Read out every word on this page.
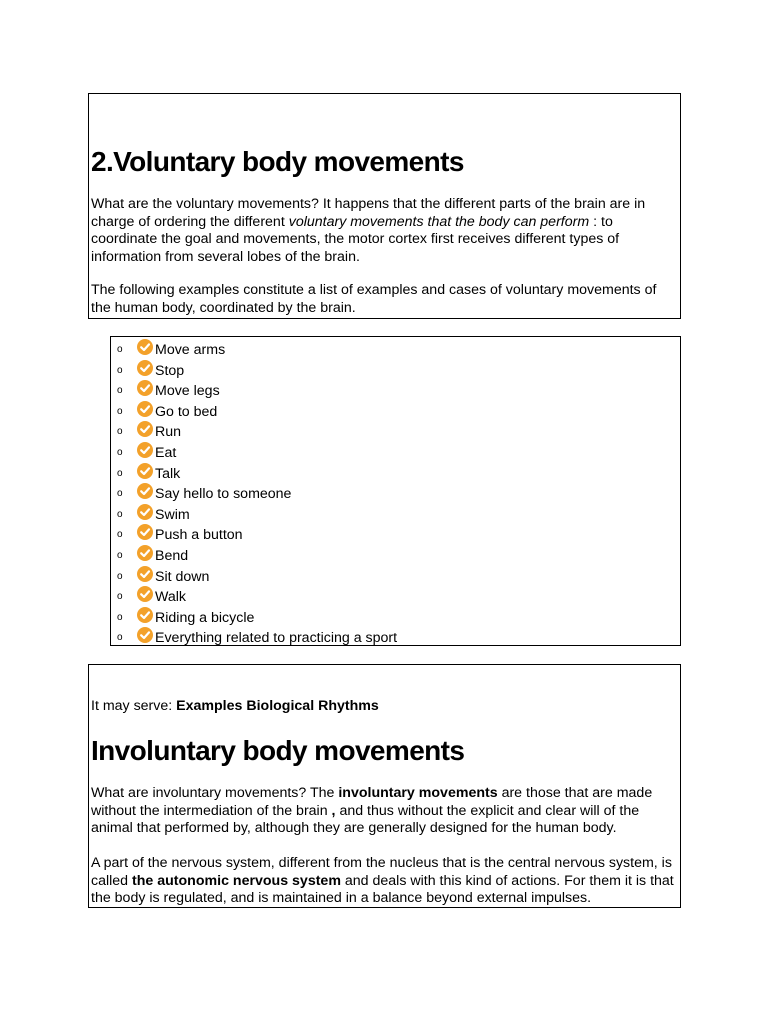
2.Voluntary body movements

What are the voluntary movements? It happens that the different parts of the brain are in charge of ordering the different voluntary movements that the body can perform : to coordinate the goal and movements, the motor cortex first receives different types of information from several lobes of the brain.

The following examples constitute a list of examples and cases of voluntary movements of the human body, coordinated by the brain.

o Move arms
o Stop
o Move legs
o Go to bed
o Run
o Eat
o Talk
o Say hello to someone
o Swim
o Push a button
o Bend
o Sit down
o Walk
o Riding a bicycle
o Everything related to practicing a sport

It may serve: Examples Biological Rhythms

Involuntary body movements

What are involuntary movements? The involuntary movements are those that are made without the intermediation of the brain , and thus without the explicit and clear will of the animal that performed by, although they are generally designed for the human body.

A part of the nervous system, different from the nucleus that is the central nervous system, is called the autonomic nervous system and deals with this kind of actions. For them it is that the body is regulated, and is maintained in a balance beyond external impulses.
